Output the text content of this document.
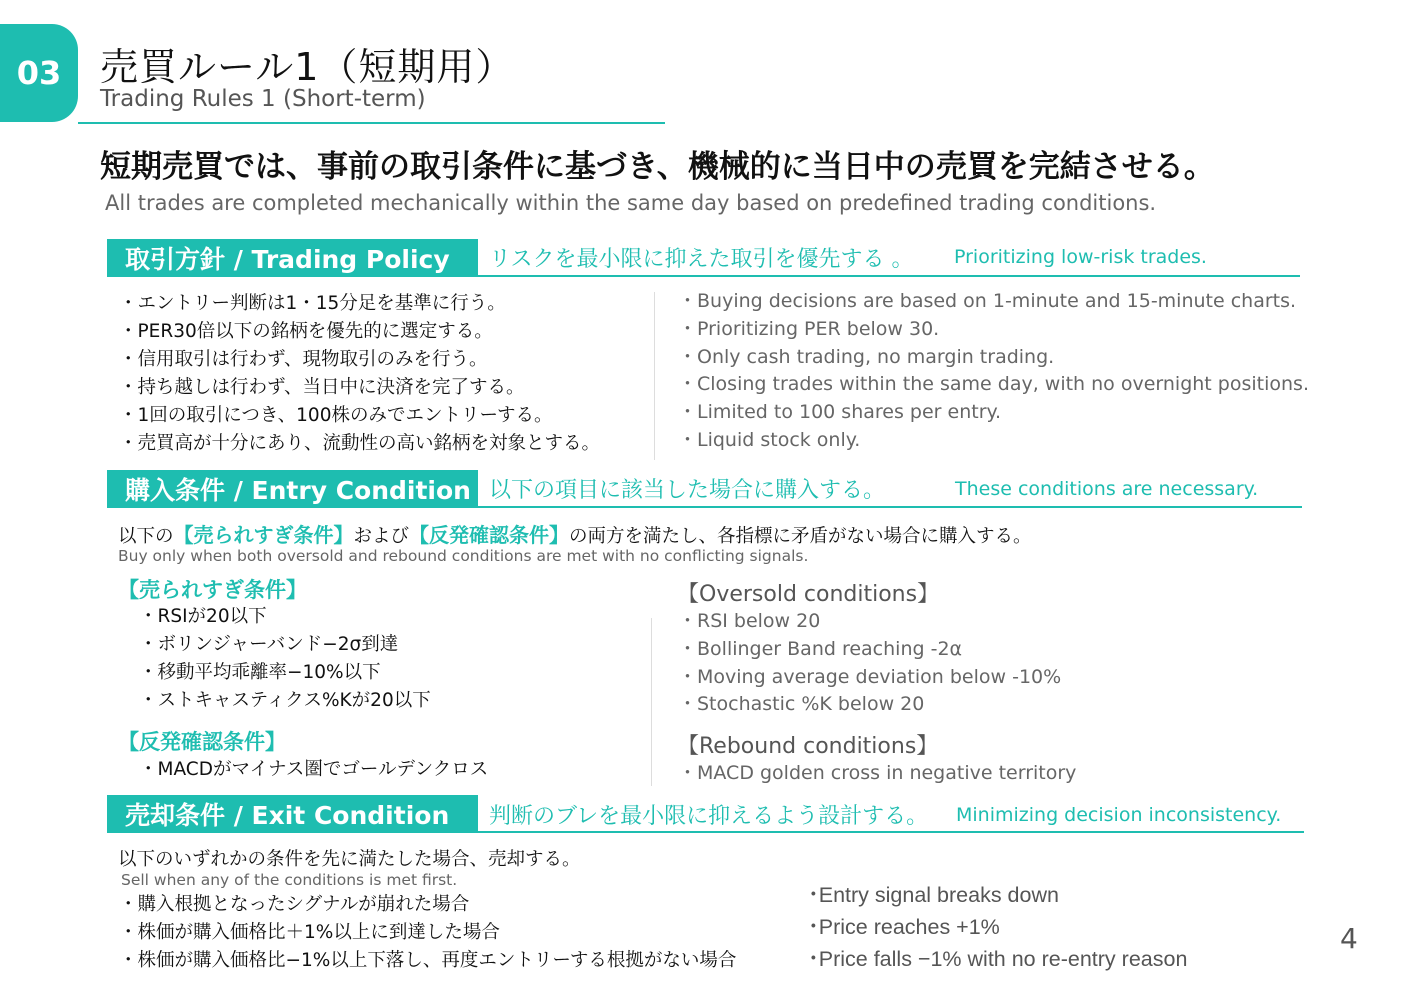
03	売買ルール1（短期用）
Trading Rules 1 (Short-term)
短期売買では、事前の取引条件に基づき、機械的に当日中の売買を完結させる。
All trades are completed mechanically within the same day based on predefined trading conditions.
取引方針 / Trading Policy	リスクを最小限に抑えた取引を優先する 。 Prioritizing low-risk trades.
・エントリー判断は1・15分足を基準に行う。
・PER30倍以下の銘柄を優先的に選定する。
・信用取引は行わず、現物取引のみを行う。
・持ち越しは行わず、当日中に決済を完了する。
・1回の取引につき、100株のみでエントリーする。
・売買高が十分にあり、流動性の高い銘柄を対象とする。
・Buying decisions are based on 1-minute and 15-minute charts.
・Prioritizing PER below 30.
・Only cash trading, no margin trading.
・Closing trades within the same day, with no overnight positions.
・Limited to 100 shares per entry.
・Liquid stock only.
購入条件 / Entry Condition 以下の項目に該当した場合に購入する。	These conditions are necessary.
以下の【売られすぎ条件】および【反発確認条件】の両方を満たし、各指標に矛盾がない場合に購入する。
Buy only when both oversold and rebound conditions are met with no conflicting signals.
【売られすぎ条件】
・RSIが20以下
・ボリンジャーバンド−2σ到達
・移動平均乖離率−10%以下
・ストキャスティクス%Kが20以下
【反発確認条件】
・MACDがマイナス圏でゴールデンクロス
【Oversold conditions】
・RSI below 20
・Bollinger Band reaching -2α
・Moving average deviation below -10%
・Stochastic %K below 20
【Rebound conditions】
・MACD golden cross in negative territory
売却条件 / Exit Condition	判断のブレを最小限に抑えるよう設計する。 Minimizing decision inconsistency.
以下のいずれかの条件を先に満たした場合、売却する。
Sell when any of the conditions is met first.
・購入根拠となったシグナルが崩れた場合
・株価が購入価格比＋1%以上に到達した場合
・株価が購入価格比−1%以上下落し、再度エントリーする根拠がない場合
･Entry signal breaks down
･Price reaches +1%
･Price falls −1% with no re-entry reason
4
